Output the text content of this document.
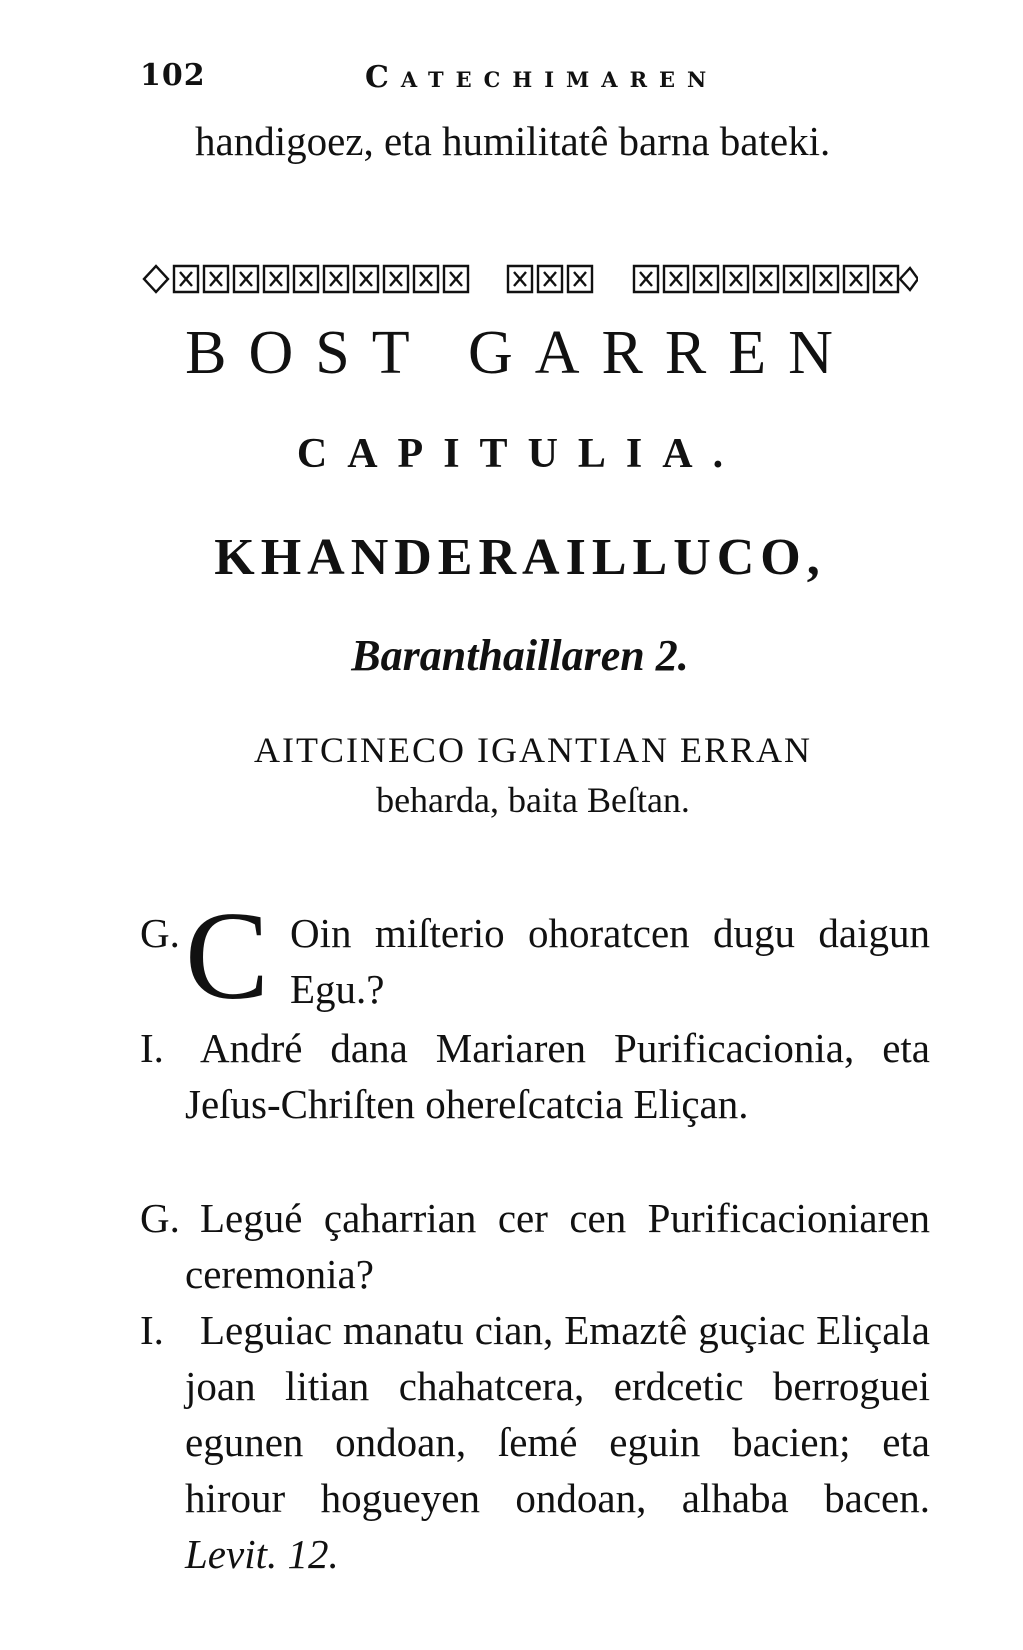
102	Catechimaren

handigoez, eta humilitatê barna bateki.

BOST GARREN
CAPITULIA.
KHANDERAILLUCO,
Baranthaillaren 2.

AITCINECO IGANTIAN ERRAN
beharda, baita Beſtan.

G. C Oin miſterio ohoratcen dugu daigun Egu.?

I. André dana Mariaren Purificacionia, eta Jeſus-Chriſten ohereſcatcia Eliçan.

G. Legué çaharrian cer cen Purificacioniaren ceremonia?

I. Leguiac manatu cian, Emaztê guçiac Eliçala joan litian chahatcera, erdcetic berroguei egunen ondoan, ſemé eguin bacien; eta hirour hogueyen ondoan, alhaba bacen. Levit. 12.
